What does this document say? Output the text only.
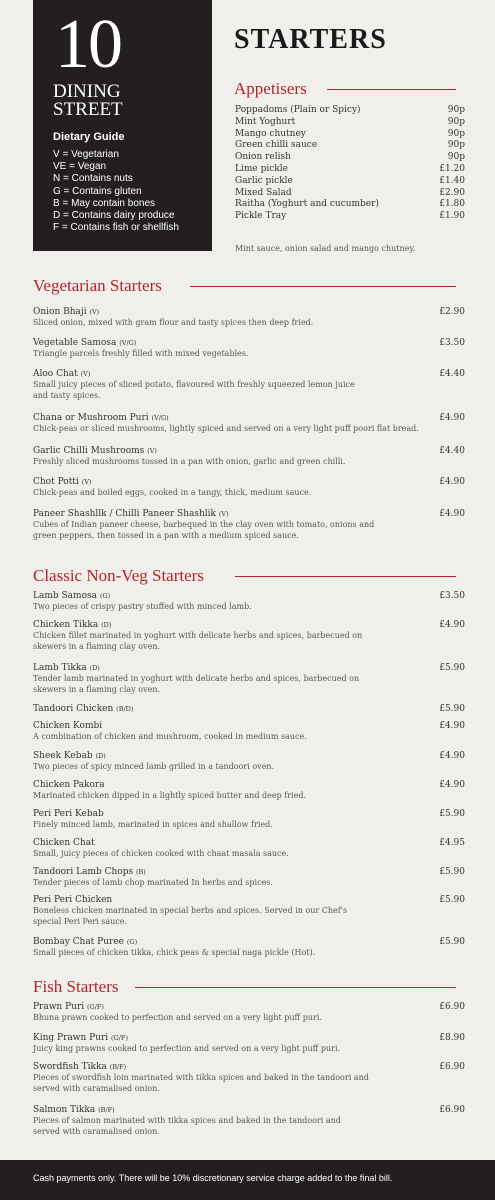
10
DINING
STREET
Dietary Guide
V = Vegetarian
VE = Vegan
N = Contains nuts
G = Contains gluten
B = May contain bones
D = Contains dairy produce
F = Contains fish or shellfish
STARTERS
Appetisers
Poppadoms (Plain or Spicy)	90p
Mint Yoghurt	90p
Mango chutney	90p
Green chilli sauce	90p
Onion relish	90p
Lime pickle	£1.20
Garlic pickle	£1.40
Mixed Salad	£2.90
Raitha (Yoghurt and cucumber)	£1.80
Pickle Tray	£1.90
Mint sauce, onion salad and mango chutney.
Vegetarian Starters
Onion Bhaji (V)	£2.90
Sliced onion, mixed with gram flour and tasty spices then deep fried.
Vegetable Samosa (V/G)	£3.50
Triangle parcels freshly filled with mixed vegetables.
Aloo Chat (V)	£4.40
Small juicy pieces of sliced potato, flavoured with freshly squeezed lemon juice
and tasty spices.
Chana or Mushroom Puri (V/G)	£4.90
Chick-peas or sliced mushrooms, lightly spiced and served on a very light puff poori flat bread.
Garlic Chilli Mushrooms (V)	£4.40
Freshly sliced mushrooms tossed in a pan with onion, garlic and green chilli.
Chot Potti (V)	£4.90
Chick-peas and boiled eggs, cooked in a tangy, thick, medium sauce.
Paneer Shashllk / Chilli Paneer Shashlik (V)	£4.90
Cubes of Indian paneer cheese, barbequed in the clay oven with tomato, onions and
green peppers, then tossed in a pan with a medium spiced sauce.
Classic Non-Veg Starters
Lamb Samosa (G)	£3.50
Two pieces of crispy pastry stuffed with minced lamb.
Chicken Tikka (D)	£4.90
Chicken fillet marinated in yoghurt with delicate herbs and spices, barbecued on
skewers in a flaming clay oven.
Lamb Tikka (D)	£5.90
Tender lamb marinated in yoghurt with delicate herbs and spices, barbecued on
skewers in a flaming clay oven.
Tandoori Chicken (B/D)	£5.90
Chicken Kombi	£4.90
A combination of chicken and mushroom, cooked in medium sauce.
Sheek Kebab (D)	£4.90
Two pieces of spicy minced lamb grilled in a tandoori oven.
Chicken Pakora	£4.90
Marinated chicken dipped in a lightly spiced butter and deep fried.
Peri Peri Kebab	£5.90
Finely minced lamb, marinated in spices and shallow fried.
Chicken Chat	£4.95
Small, juicy pieces of chicken cooked with chaat masala sauce.
Tandoori Lamb Chops (B)	£5.90
Tender pieces of lamb chop marinated In herbs and spices.
Peri Peri Chicken	£5.90
Boneless chicken marinated in special herbs and spices. Served in our Chef's
special Peri Peri sauce.
Bombay Chat Puree (G)	£5.90
Small pieces of chicken tikka, chick peas & special naga pickle (Hot).
Fish Starters
Prawn Puri (G/F)	£6.90
Bhuna prawn cooked to perfection and served on a very light puff puri.
King Prawn Puri (G/F)	£8.90
Juicy king prawns cooked to perfection and served on a very light puff puri.
Swordfish Tikka (B/F)	£6.90
Pieces of swordfish loin marinated with tikka spices and baked in the tandoori and
served with caramalised onion.
Salmon Tikka (B/F)	£6.90
Pieces of salmon marinated with tikka spices and baked in the tandoori and
served with caramalised onion.
Cash payments only. There will be 10% discretionary service charge added to the final bill.
